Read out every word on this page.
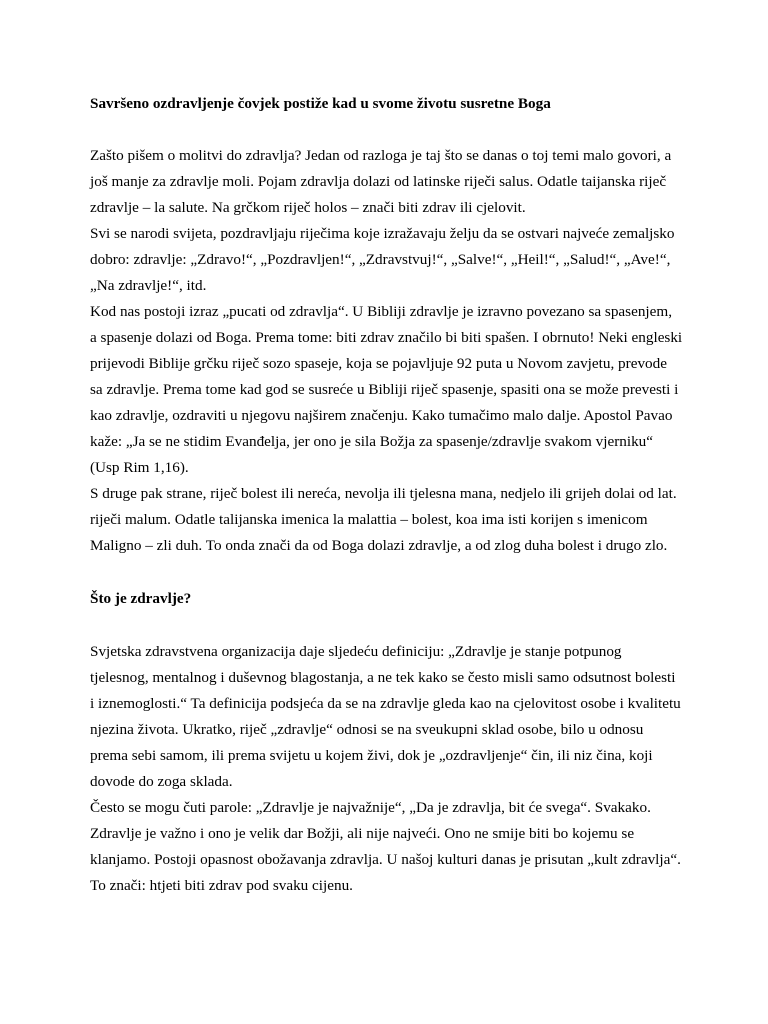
Savršeno ozdravljenje čovjek postiže kad u svome životu susretne Boga

Zašto pišem o molitvi do zdravlja? Jedan od razloga je taj što se danas o toj temi malo govori, a
još manje za zdravlje moli. Pojam zdravlja dolazi od latinske riječi salus. Odatle taijanska riječ
zdravlje – la salute. Na grčkom riječ holos – znači biti zdrav ili cjelovit.

Svi se narodi svijeta, pozdravljaju riječima koje izražavaju želju da se ostvari najveće zemaljsko
dobro: zdravlje: „Zdravo!“, „Pozdravljen!“, „Zdravstvuj!“, „Salve!“, „Heil!“, „Salud!“, „Ave!“,
„Na zdravlje!“, itd.

Kod nas postoji izraz „pucati od zdravlja“. U Bibliji zdravlje je izravno povezano sa spasenjem,
a spasenje dolazi od Boga. Prema tome: biti zdrav značilo bi biti spašen. I obrnuto! Neki engleski
prijevodi Biblije grčku riječ sozo spaseje, koja se pojavljuje 92 puta u Novom zavjetu, prevode
sa zdravlje. Prema tome kad god se susreće u Bibliji riječ spasenje, spasiti ona se može prevesti i
kao zdravlje, ozdraviti u njegovu najširem značenju. Kako tumačimo malo dalje. Apostol Pavao
kaže: „Ja se ne stidim Evanđelja, jer ono je sila Božja za spasenje/zdravlje svakom vjerniku“
(Usp Rim 1,16).

S druge pak strane, riječ bolest ili nereća, nevolja ili tjelesna mana, nedjelo ili grijeh dolai od lat.
riječi malum. Odatle talijanska imenica la malattia – bolest, koa ima isti korijen s imenicom
Maligno – zli duh. To onda znači da od Boga dolazi zdravlje, a od zlog duha bolest i drugo zlo.

Što je zdravlje?

Svjetska zdravstvena organizacija daje sljedeću definiciju: „Zdravlje je stanje potpunog
tjelesnog, mentalnog i duševnog blagostanja, a ne tek kako se često misli samo odsutnost bolesti
i iznemoglosti.“ Ta definicija podsjeća da se na zdravlje gleda kao na cjelovitost osobe i kvalitetu
njezina života. Ukratko, riječ „zdravlje“ odnosi se na sveukupni sklad osobe, bilo u odnosu
prema sebi samom, ili prema svijetu u kojem živi, dok je „ozdravljenje“ čin, ili niz čina, koji
dovode do zoga sklada.

Često se mogu čuti parole: „Zdravlje je najvažnije“, „Da je zdravlja, bit će svega“. Svakako.
Zdravlje je važno i ono je velik dar Božji, ali nije najveći. Ono ne smije biti bo kojemu se
klanjamo. Postoji opasnost obožavanja zdravlja. U našoj kulturi danas je prisutan „kult zdravlja“.
To znači: htjeti biti zdrav pod svaku cijenu.
